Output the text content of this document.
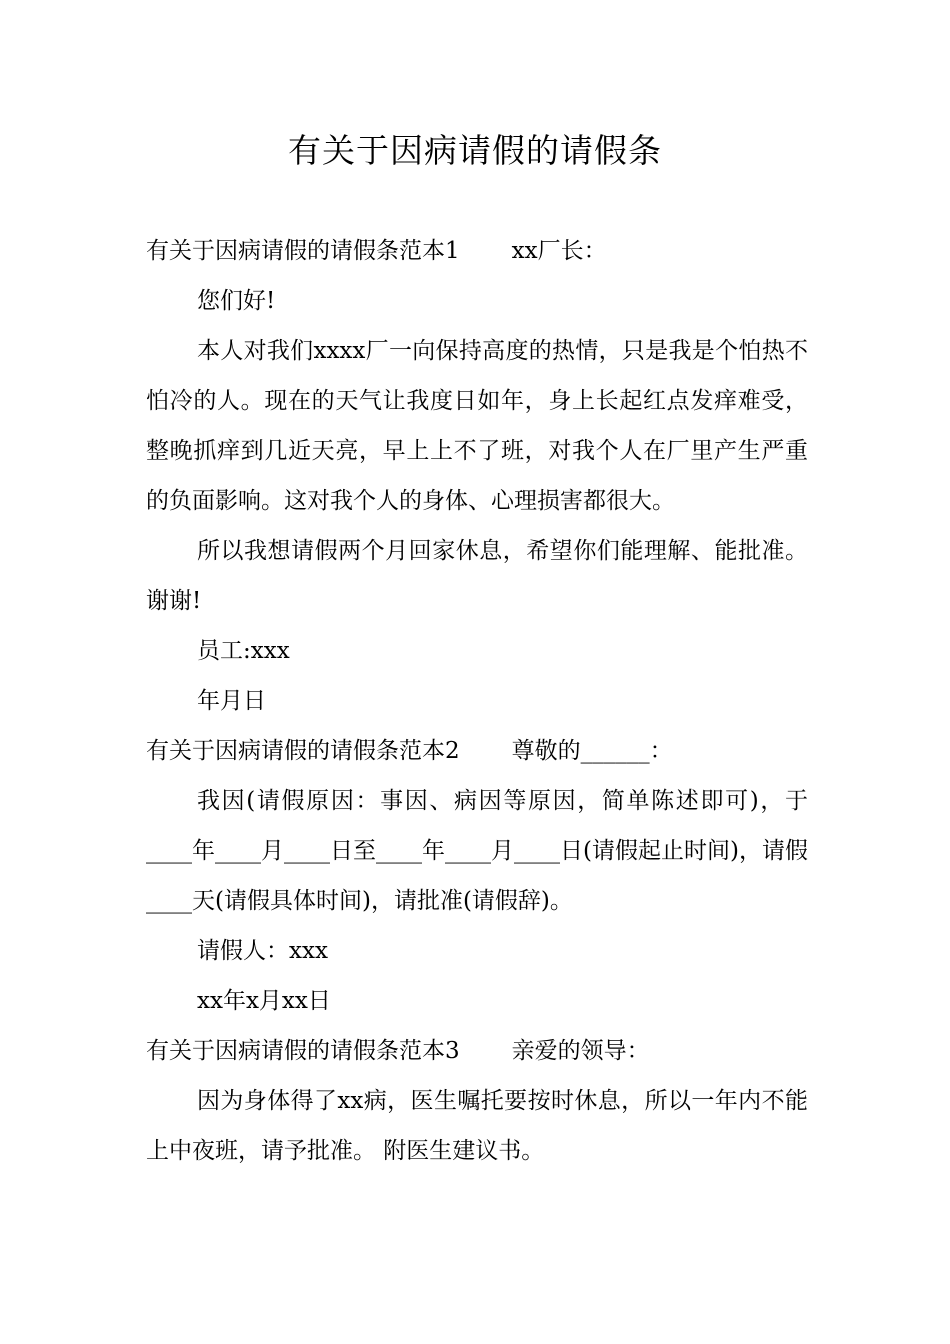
有关于因病请假的请假条

有关于因病请假的请假条范本1 xx厂长：

您们好!

本人对我们xxxx厂一向保持高度的热情，只是我是个怕热不怕冷的人。现在的天气让我度日如年，身上长起红点发痒难受，整晚抓痒到几近天亮，早上上不了班，对我个人在厂里产生严重的负面影响。这对我个人的身体、心理损害都很大。

所以我想请假两个月回家休息，希望你们能理解、能批准。谢谢!

员工:xxx

年月日

有关于因病请假的请假条范本2 尊敬的______：

我因(请假原因：事因、病因等原因，简单陈述即可)，于____年____月____日至____年____月____日(请假起止时间)，请假____天(请假具体时间)，请批准(请假辞)。

请假人：xxx

xx年x月xx日

有关于因病请假的请假条范本3 亲爱的领导：

因为身体得了xx病，医生嘱托要按时休息，所以一年内不能上中夜班，请予批准。 附医生建议书。
